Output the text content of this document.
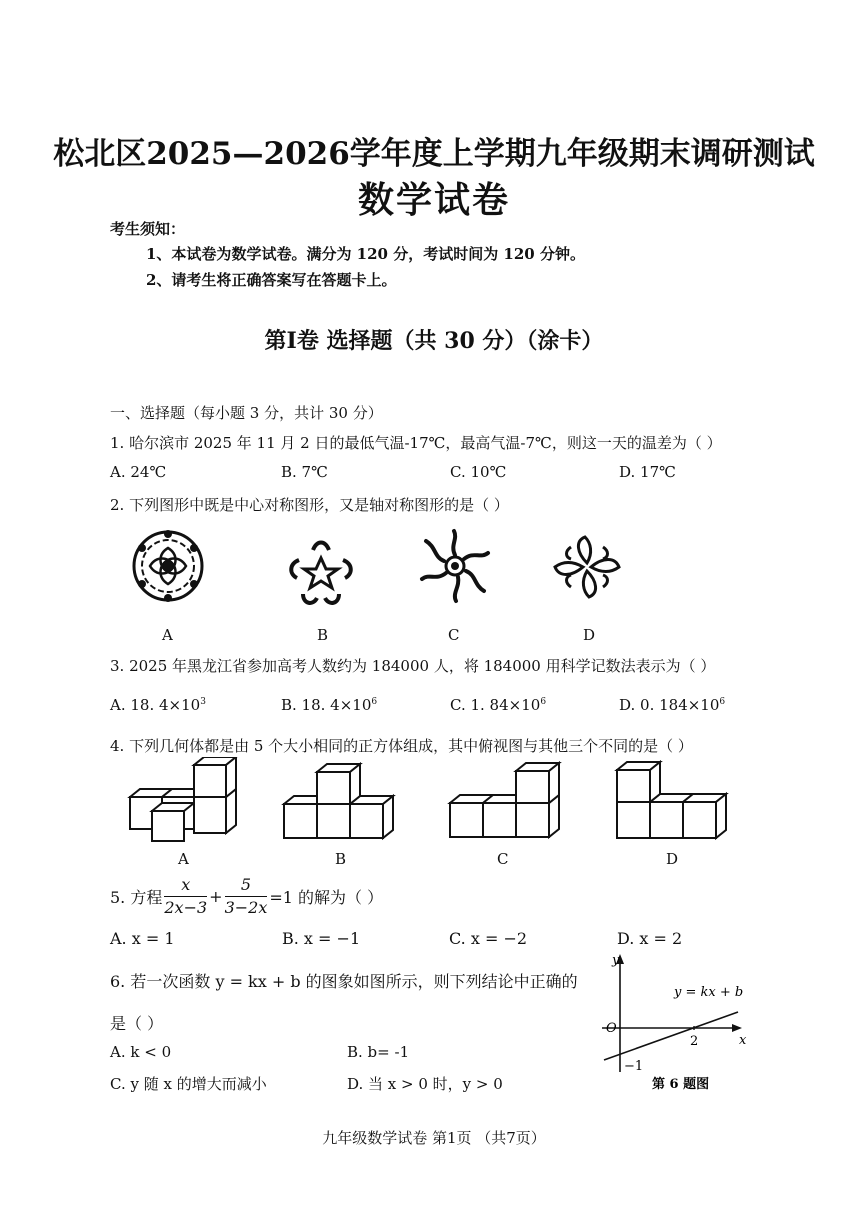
松北区2025—2026学年度上学期九年级期末调研测试
数学试卷
考生须知：
1、本试卷为数学试卷。满分为 120 分，考试时间为 120 分钟。
2、请考生将正确答案写在答题卡上。
第Ⅰ卷 选择题（共 30 分）（涂卡）
一、选择题（每小题 3 分，共计 30 分）
1. 哈尔滨市 2025 年 11 月 2 日的最低气温-17℃，最高气温-7℃，则这一天的温差为（ ）
A. 24℃	B. 7℃	C. 10℃	D. 17℃
2. 下列图形中既是中心对称图形，又是轴对称图形的是（ ）
A	B	C	D
3. 2025 年黑龙江省参加高考人数约为 184000 人，将 184000 用科学记数法表示为（ ）
A. 18. $4\times 10^3$	B. 18. $4\times 10^6$	C. 1. $84\times 10^6$	D. 0. $184\times 10^6$
4. 下列几何体都是由 5 个大小相同的正方体组成，其中俯视图与其他三个不同的是（ ）
A	B	C	D
5. 方程 $\frac{x}{2x-3} + \frac{5}{3-2x} =1$ 的解为（ ）
A. x = 1	B. x = −1	C. x = −2	D. x = 2
6. 若一次函数 y = kx + b 的图象如图所示，则下列结论中正确的
是（ ）
A. k < 0	B. b= -1
C. y 随 x 的增大而减小	D. 当 x > 0 时，y > 0
y
x
O
2
−1
y = kx + b
第 6 题图
九年级数学试卷 第1页 （共7页）
